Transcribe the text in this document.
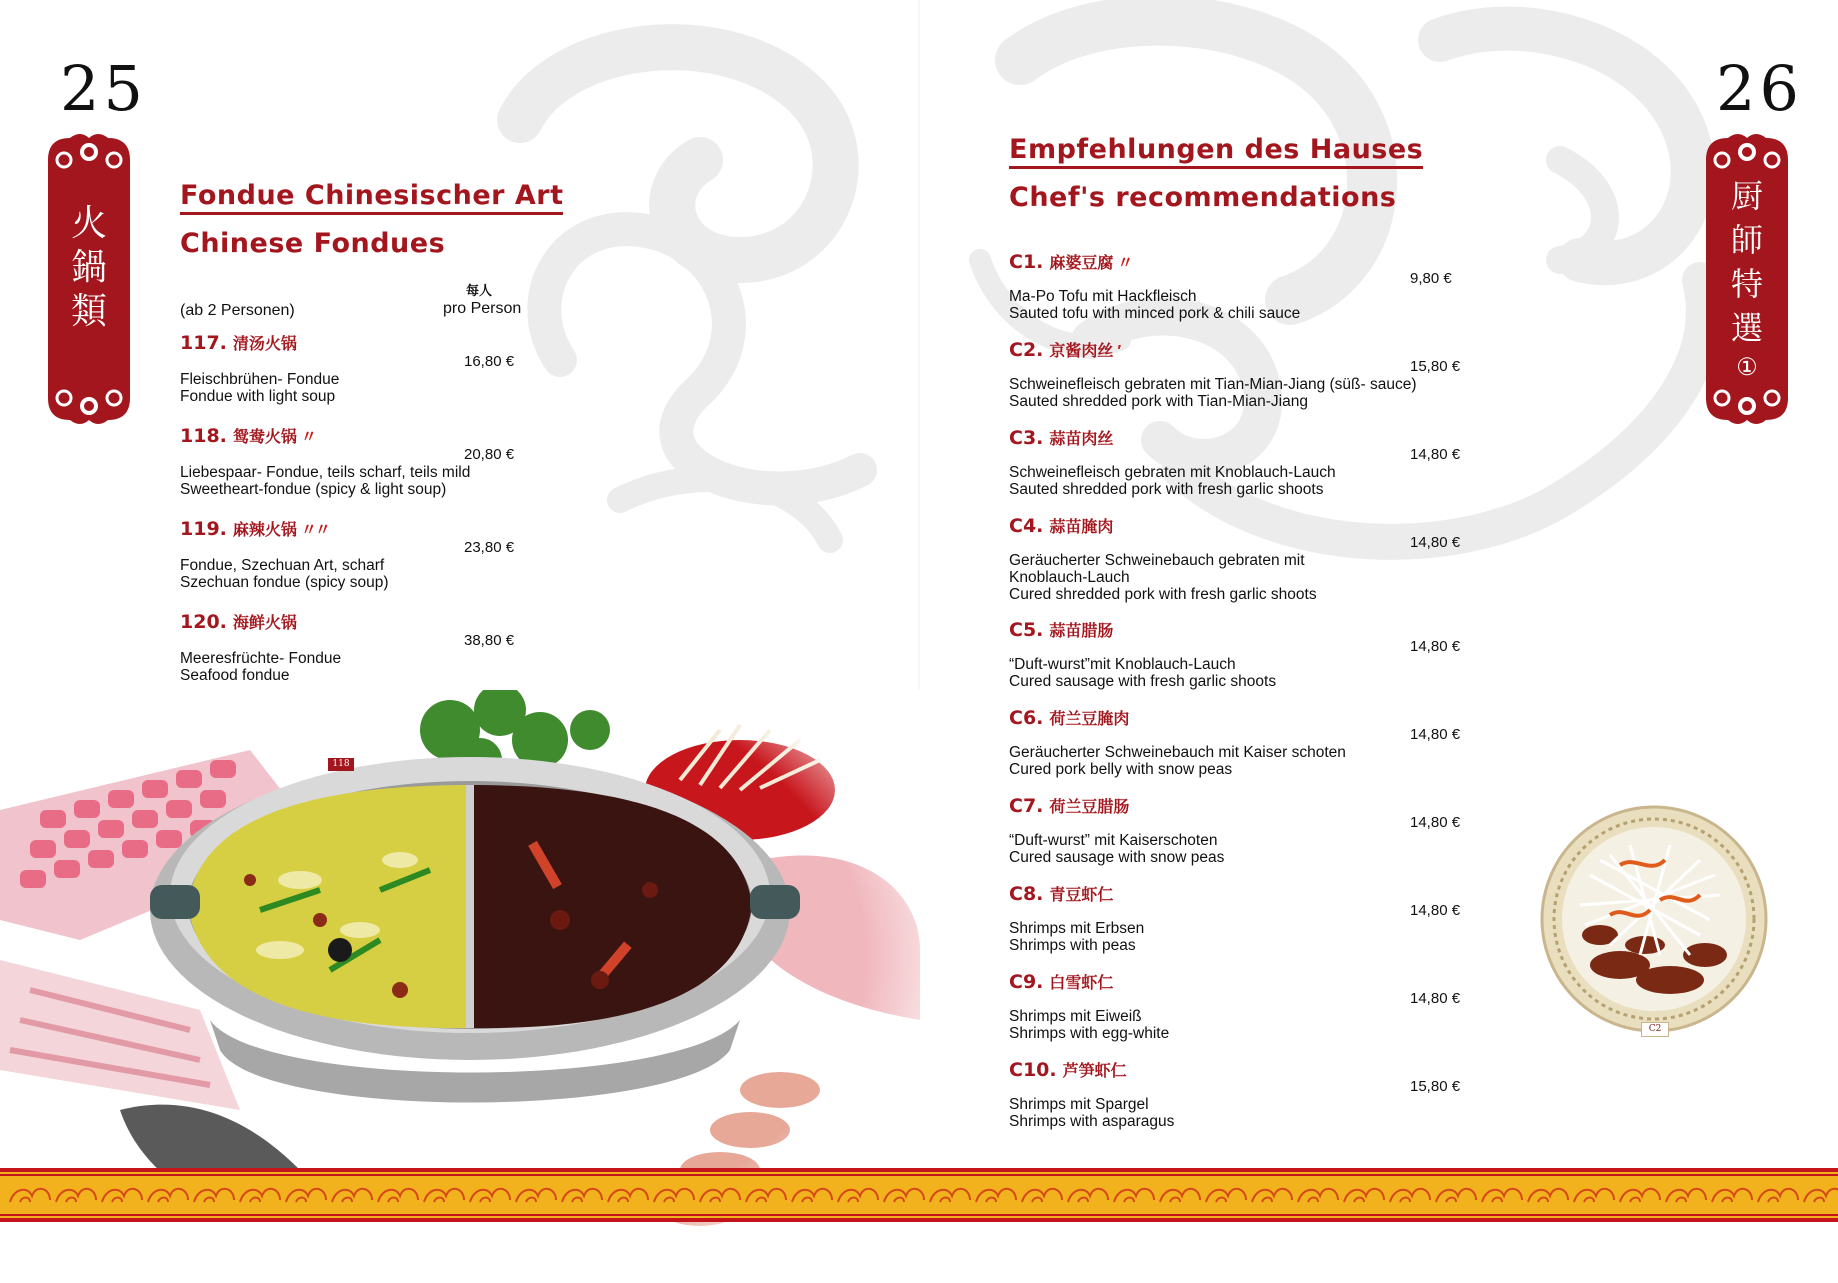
25
火
鍋
類
Fondue Chinesischer Art
Chinese Fondues
每人
pro Person
(ab 2 Personen)
117. 清汤火锅
16,80 €
Fleischbrühen- Fondue
Fondue with light soup
118. 鸳鸯火锅 〃
20,80 €
Liebespaar- Fondue, teils scharf, teils mild
Sweetheart-fondue (spicy & light soup)
119. 麻辣火锅 〃〃
23,80 €
Fondue, Szechuan Art, scharf
Szechuan fondue (spicy soup)
120. 海鲜火锅
38,80 €
Meeresfrüchte- Fondue
Seafood fondue
118
26
厨
師
特
選
①
Empfehlungen des Hauses
Chef's recommendations
C1. 麻婆豆腐 〃
9,80 €
Ma-Po Tofu mit Hackfleisch
Sauted tofu with minced pork & chili sauce
C2. 京酱肉丝 ′
15,80 €
Schweinefleisch gebraten mit Tian-Mian-Jiang (süß- sauce)
Sauted shredded pork with Tian-Mian-Jiang
C3. 蒜苗肉丝
14,80 €
Schweinefleisch gebraten mit Knoblauch-Lauch
Sauted shredded pork with fresh garlic shoots
C4. 蒜苗腌肉
14,80 €
Geräucherter Schweinebauch gebraten mit
Knoblauch-Lauch
Cured shredded pork with fresh garlic shoots
C5. 蒜苗腊肠
14,80 €
“Duft-wurst”mit Knoblauch-Lauch
Cured sausage with fresh garlic shoots
C6. 荷兰豆腌肉
14,80 €
Geräucherter Schweinebauch mit Kaiser schoten
Cured pork belly with snow peas
C7. 荷兰豆腊肠
14,80 €
“Duft-wurst” mit Kaiserschoten
Cured sausage with snow peas
C8. 青豆虾仁
14,80 €
Shrimps mit Erbsen
Shrimps with peas
C9. 白雪虾仁
14,80 €
Shrimps mit Eiweiß
Shrimps with egg-white
C10. 芦笋虾仁
15,80 €
Shrimps mit Spargel
Shrimps with asparagus
C2
